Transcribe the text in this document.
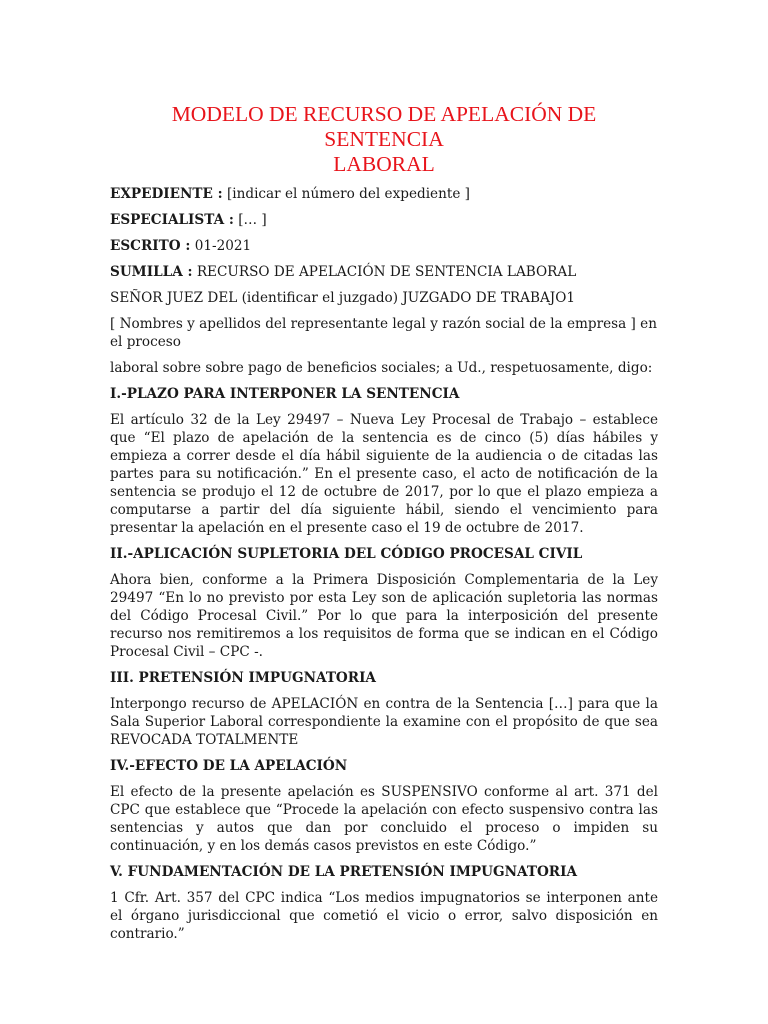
MODELO DE RECURSO DE APELACIÓN DE SENTENCIA
LABORAL
EXPEDIENTE : [indicar el número del expediente ]
ESPECIALISTA : [… ]
ESCRITO : 01-2021
SUMILLA : RECURSO DE APELACIÓN DE SENTENCIA LABORAL

SEÑOR JUEZ DEL (identificar el juzgado) JUZGADO DE TRABAJO1

[ Nombres y apellidos del representante legal y razón social de la empresa ] en el proceso

laboral sobre sobre pago de beneficios sociales; a Ud., respetuosamente, digo:

I.-PLAZO PARA INTERPONER LA SENTENCIA

El artículo 32 de la Ley 29497 – Nueva Ley Procesal de Trabajo – establece que “El plazo de apelación de la sentencia es de cinco (5) días hábiles y empieza a correr desde el día hábil siguiente de la audiencia o de citadas las partes para su notificación.” En el presente caso, el acto de notificación de la sentencia se produjo el 12 de octubre de 2017, por lo que el plazo empieza a computarse a partir del día siguiente hábil, siendo el vencimiento para presentar la apelación en el presente caso el 19 de octubre de 2017.

II.-APLICACIÓN SUPLETORIA DEL CÓDIGO PROCESAL CIVIL

Ahora bien, conforme a la Primera Disposición Complementaria de la Ley 29497 “En lo no previsto por esta Ley son de aplicación supletoria las normas del Código Procesal Civil.” Por lo que para la interposición del presente recurso nos remitiremos a los requisitos de forma que se indican en el Código Procesal Civil – CPC -.

III. PRETENSIÓN IMPUGNATORIA

Interpongo recurso de APELACIÓN en contra de la Sentencia […] para que la Sala Superior Laboral correspondiente la examine con el propósito de que sea REVOCADA TOTALMENTE

IV.-EFECTO DE LA APELACIÓN

El efecto de la presente apelación es SUSPENSIVO conforme al art. 371 del CPC que establece que “Procede la apelación con efecto suspensivo contra las sentencias y autos que dan por concluido el proceso o impiden su continuación, y en los demás casos previstos en este Código.”

V. FUNDAMENTACIÓN DE LA PRETENSIÓN IMPUGNATORIA

1 Cfr. Art. 357 del CPC indica “Los medios impugnatorios se interponen ante el órgano jurisdiccional que cometió el vicio o error, salvo disposición en contrario.”
